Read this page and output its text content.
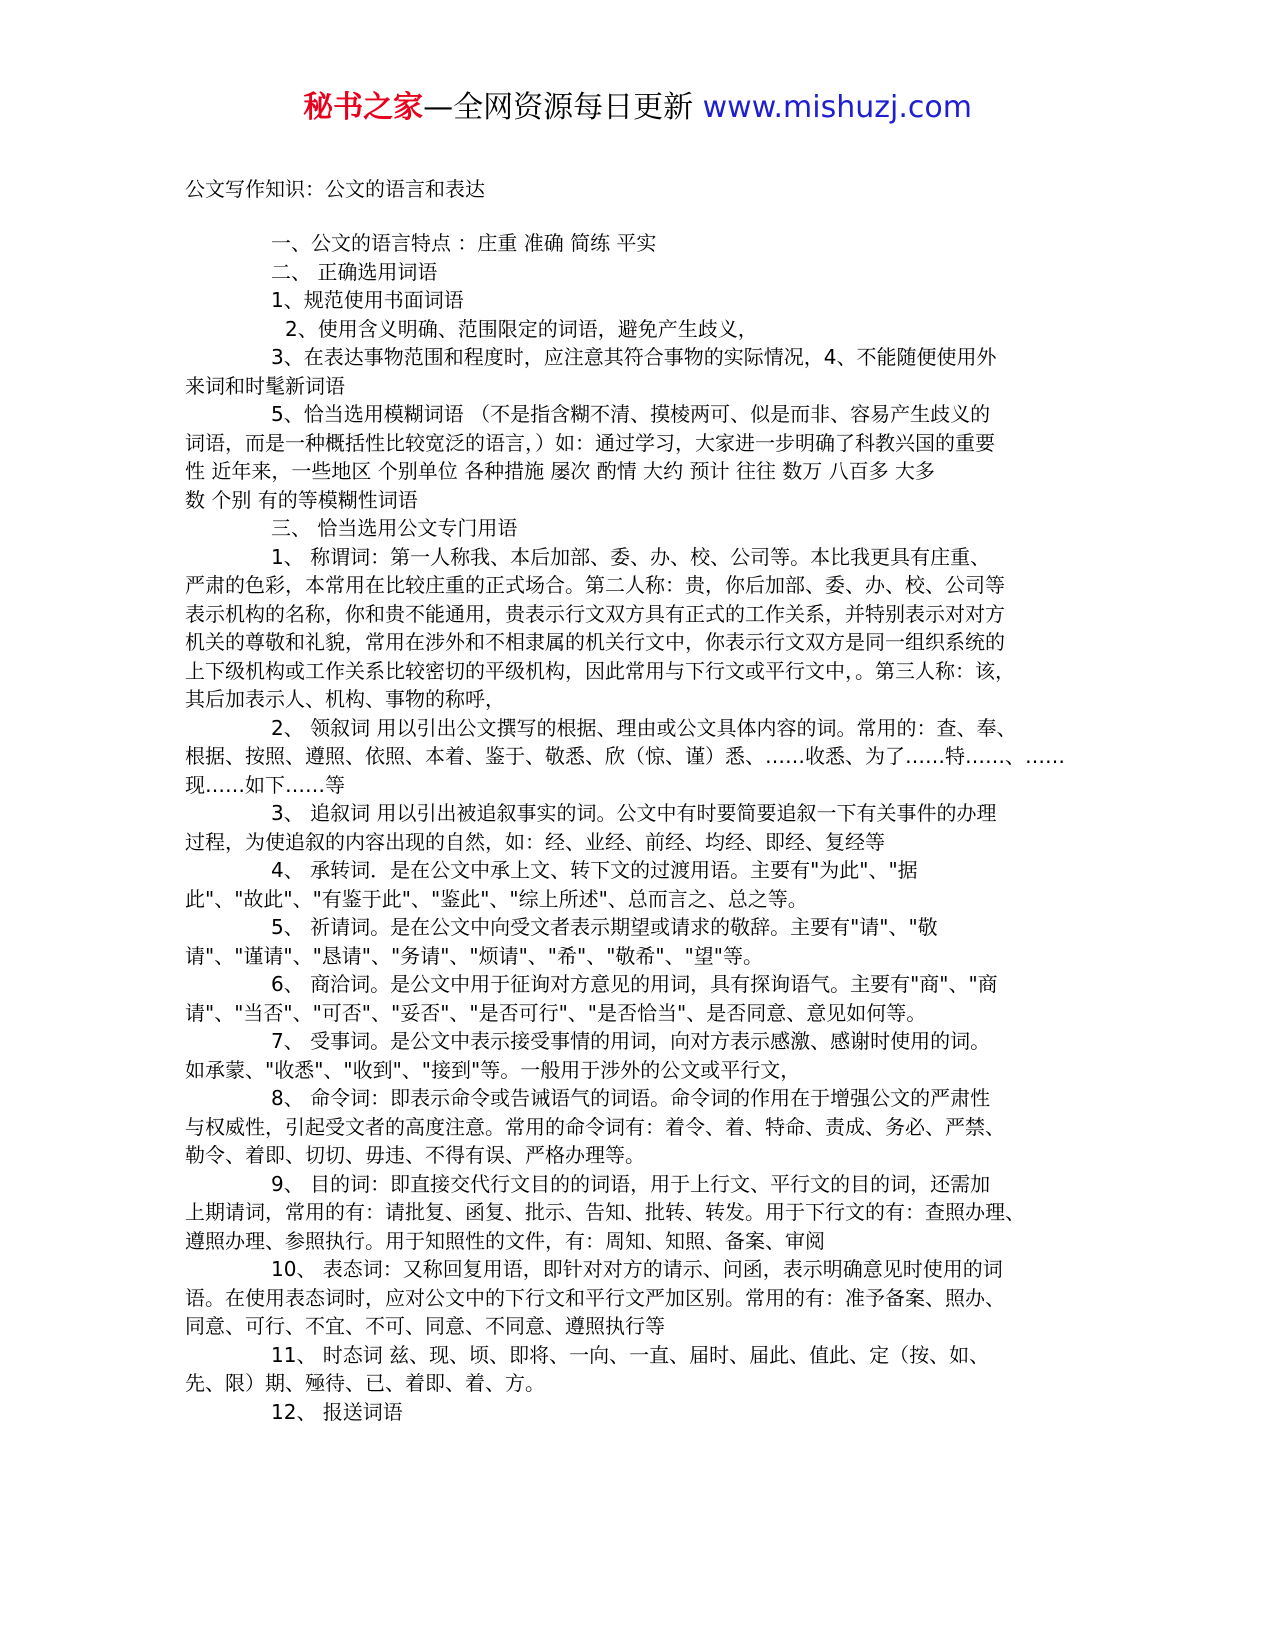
秘书之家—全网资源每日更新 www.mishuzj.com
公文写作知识：公文的语言和表达
一、公文的语言特点 ：庄重 准确 简练 平实
二、 正确选用词语
1、规范使用书面词语
2、使用含义明确、范围限定的词语，避免产生歧义，
3、在表达事物范围和程度时，应注意其符合事物的实际情况，4、不能随便使用外
来词和时髦新词语
5、恰当选用模糊词语 （不是指含糊不清、摸棱两可、似是而非、容易产生歧义的
词语，而是一种概括性比较宽泛的语言，）如：通过学习，大家进一步明确了科教兴国的重要
性 近年来，一些地区 个别单位 各种措施 屡次 酌情 大约 预计 往往 数万 八百多 大多
数 个别 有的等模糊性词语
三、 恰当选用公文专门用语
1、 称谓词：第一人称我、本后加部、委、办、校、公司等。本比我更具有庄重、
严肃的色彩，本常用在比较庄重的正式场合。第二人称：贵，你后加部、委、办、校、公司等
表示机构的名称，你和贵不能通用，贵表示行文双方具有正式的工作关系，并特别表示对对方
机关的尊敬和礼貌，常用在涉外和不相隶属的机关行文中，你表示行文双方是同一组织系统的
上下级机构或工作关系比较密切的平级机构，因此常用与下行文或平行文中，。第三人称：该，
其后加表示人、机构、事物的称呼，
2、 领叙词 用以引出公文撰写的根据、理由或公文具体内容的词。常用的：查、奉、
根据、按照、遵照、依照、本着、鉴于、敬悉、欣（惊、谨）悉、……收悉、为了……特……、……
现……如下……等
3、 追叙词 用以引出被追叙事实的词。公文中有时要简要追叙一下有关事件的办理
过程，为使追叙的内容出现的自然，如：经、业经、前经、均经、即经、复经等
4、 承转词．是在公文中承上文、转下文的过渡用语。主要有"为此"、"据
此"、"故此"、"有鉴于此"、"鉴此"、"综上所述"、总而言之、总之等。
5、 祈请词。是在公文中向受文者表示期望或请求的敬辞。主要有"请"、"敬
请"、"谨请"、"恳请"、"务请"、"烦请"、"希"、"敬希"、"望"等。
6、 商洽词。是公文中用于征询对方意见的用词，具有探询语气。主要有"商"、"商
请"、"当否"、"可否"、"妥否"、"是否可行"、"是否恰当"、是否同意、意见如何等。
7、 受事词。是公文中表示接受事情的用词，向对方表示感激、感谢时使用的词。
如承蒙、"收悉"、"收到"、"接到"等。一般用于涉外的公文或平行文，
8、 命令词：即表示命令或告诫语气的词语。命令词的作用在于增强公文的严肃性
与权威性，引起受文者的高度注意。常用的命令词有：着令、着、特命、责成、务必、严禁、
勒令、着即、切切、毋违、不得有误、严格办理等。
9、 目的词：即直接交代行文目的的词语，用于上行文、平行文的目的词，还需加
上期请词，常用的有：请批复、函复、批示、告知、批转、转发。用于下行文的有：查照办理、
遵照办理、参照执行。用于知照性的文件，有：周知、知照、备案、审阅
10、 表态词：又称回复用语，即针对对方的请示、问函，表示明确意见时使用的词
语。在使用表态词时，应对公文中的下行文和平行文严加区别。常用的有：准予备案、照办、
同意、可行、不宜、不可、同意、不同意、遵照执行等
11、 时态词 兹、现、顷、即将、一向、一直、届时、届此、值此、定（按、如、
先、限）期、殛待、已、着即、着、方。
12、 报送词语
